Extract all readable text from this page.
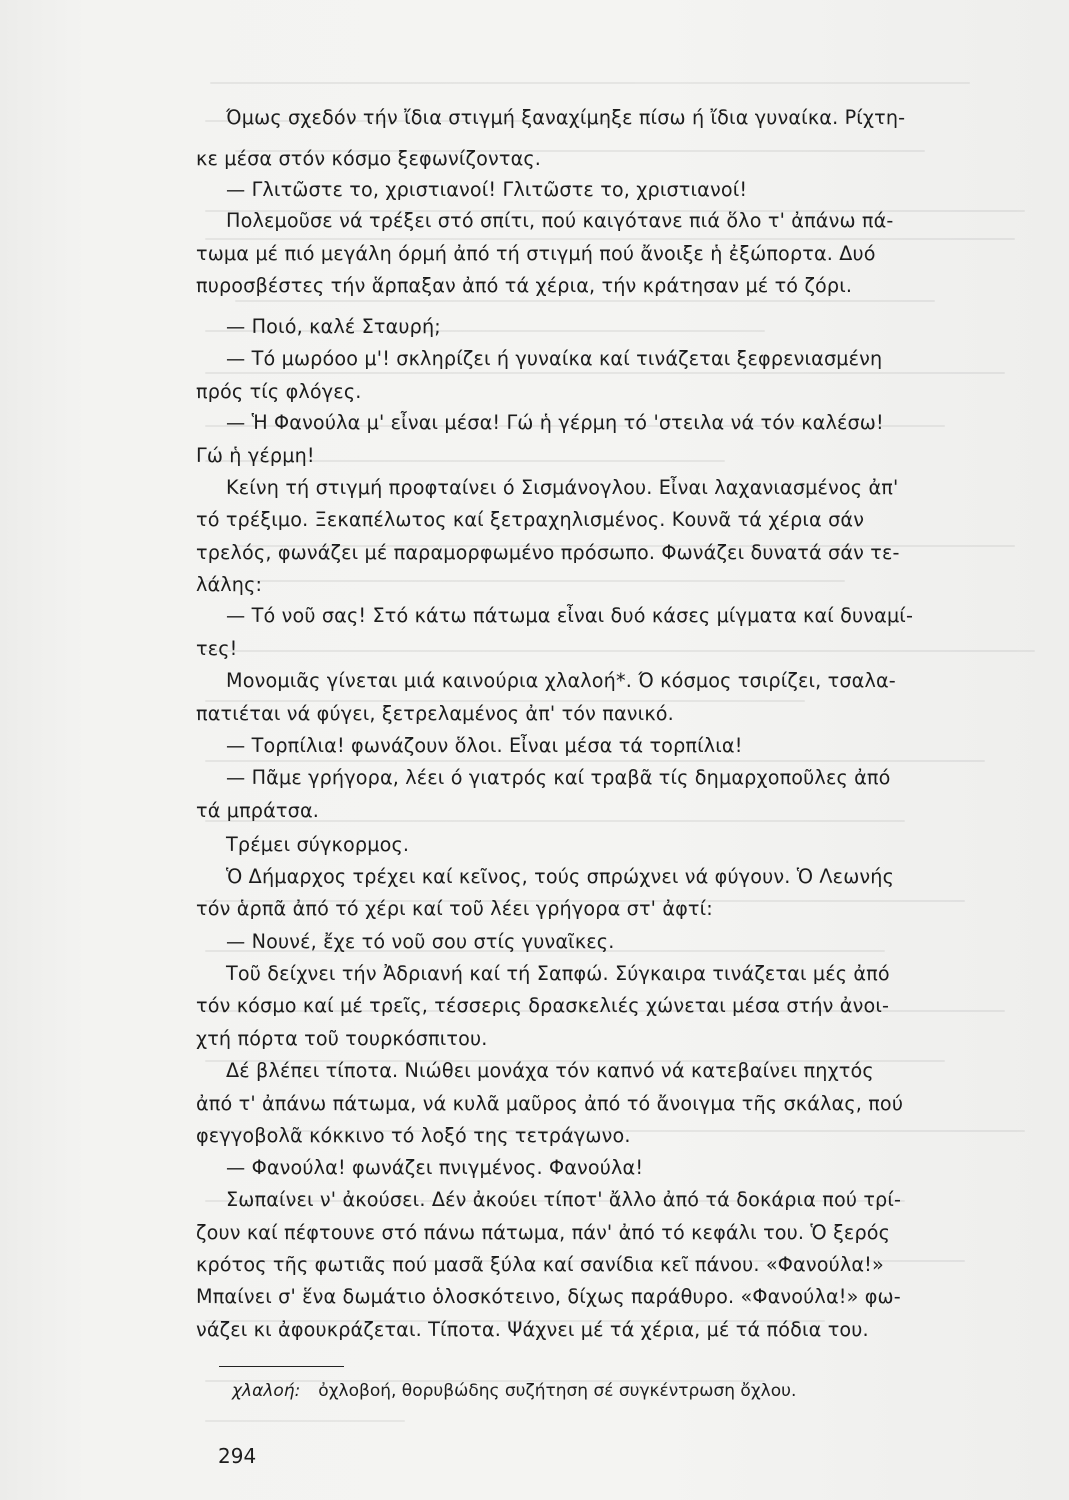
Όμως σχεδόν τήν ἴδια στιγμή ξαναχίμηξε πίσω ή ἴδια γυναίκα. Ρίχτη-
κε μέσα στόν κόσμο ξεφωνίζοντας.
— Γλιτῶστε το, χριστιανοί! Γλιτῶστε το, χριστιανοί!
Πολεμοῦσε νά τρέξει στό σπίτι, πού καιγότανε πιά ὅλο τ' ἀπάνω πά-
τωμα μέ πιό μεγάλη όρμή ἀπό τή στιγμή πού ἄνοιξε ἡ ἐξώπορτα. Δυό
πυροσβέστες τήν ἅρπαξαν ἀπό τά χέρια, τήν κράτησαν μέ τό ζόρι.
— Ποιό, καλέ Σταυρή;
— Τό μωρόοο μ'! σκληρίζει ή γυναίκα καί τινάζεται ξεφρενιασμένη
πρός τίς φλόγες.
— Ἡ Φανούλα μ' εἶναι μέσα! Γώ ἡ γέρμη τό 'στειλα νά τόν καλέσω!
Γώ ἡ γέρμη!
Κείνη τή στιγμή προφταίνει ό Σισμάνογλου. Εἶναι λαχανιασμένος ἀπ'
τό τρέξιμο. Ξεκαπέλωτος καί ξετραχηλισμένος. Κουνᾶ τά χέρια σάν
τρελός, φωνάζει μέ παραμορφωμένο πρόσωπο. Φωνάζει δυνατά σάν τε-
λάλης:
— Τό νοῦ σας! Στό κάτω πάτωμα εἶναι δυό κάσες μίγματα καί δυναμί-
τες!
Μονομιᾶς γίνεται μιά καινούρια χλαλοή*. Ό κόσμος τσιρίζει, τσαλα-
πατιέται νά φύγει, ξετρελαμένος ἀπ' τόν πανικό.
— Τορπίλια! φωνάζουν ὅλοι. Εἶναι μέσα τά τορπίλια!
— Πᾶμε γρήγορα, λέει ό γιατρός καί τραβᾶ τίς δημαρχοποῦλες ἀπό
τά μπράτσα.
Τρέμει σύγκορμος.
Ὁ Δήμαρχος τρέχει καί κεῖνος, τούς σπρώχνει νά φύγουν. Ὁ Λεωνής
τόν ἁρπᾶ ἀπό τό χέρι καί τοῦ λέει γρήγορα στ' ἀφτί:
— Νουνέ, ἔχε τό νοῦ σου στίς γυναῖκες.
Τοῦ δείχνει τήν Ἀδριανή καί τή Σαπφώ. Σύγκαιρα τινάζεται μές ἀπό
τόν κόσμο καί μέ τρεῖς, τέσσερις δρασκελιές χώνεται μέσα στήν ἀνοι-
χτή πόρτα τοῦ τουρκόσπιτου.
Δέ βλέπει τίποτα. Νιώθει μονάχα τόν καπνό νά κατεβαίνει πηχτός
ἀπό τ' ἀπάνω πάτωμα, νά κυλᾶ μαῦρος ἀπό τό ἄνοιγμα τῆς σκάλας, πού
φεγγοβολᾶ κόκκινο τό λοξό της τετράγωνο.
— Φανούλα! φωνάζει πνιγμένος. Φανούλα!
Σωπαίνει ν' ἀκούσει. Δέν ἀκούει τίποτ' ἄλλο ἀπό τά δοκάρια πού τρί-
ζουν καί πέφτουνε στό πάνω πάτωμα, πάν' ἀπό τό κεφάλι του. Ὁ ξερός
κρότος τῆς φωτιᾶς πού μασᾶ ξύλα καί σανίδια κεῖ πάνου. «Φανούλα!»
Μπαίνει σ' ἕνα δωμάτιο ὁλοσκότεινο, δίχως παράθυρο. «Φανούλα!» φω-
νάζει κι ἀφουκράζεται. Τίποτα. Ψάχνει μέ τά χέρια, μέ τά πόδια του.
χλαλοή: ὀχλοβοή, θορυβώδης συζήτηση σέ συγκέντρωση ὄχλου.
294
